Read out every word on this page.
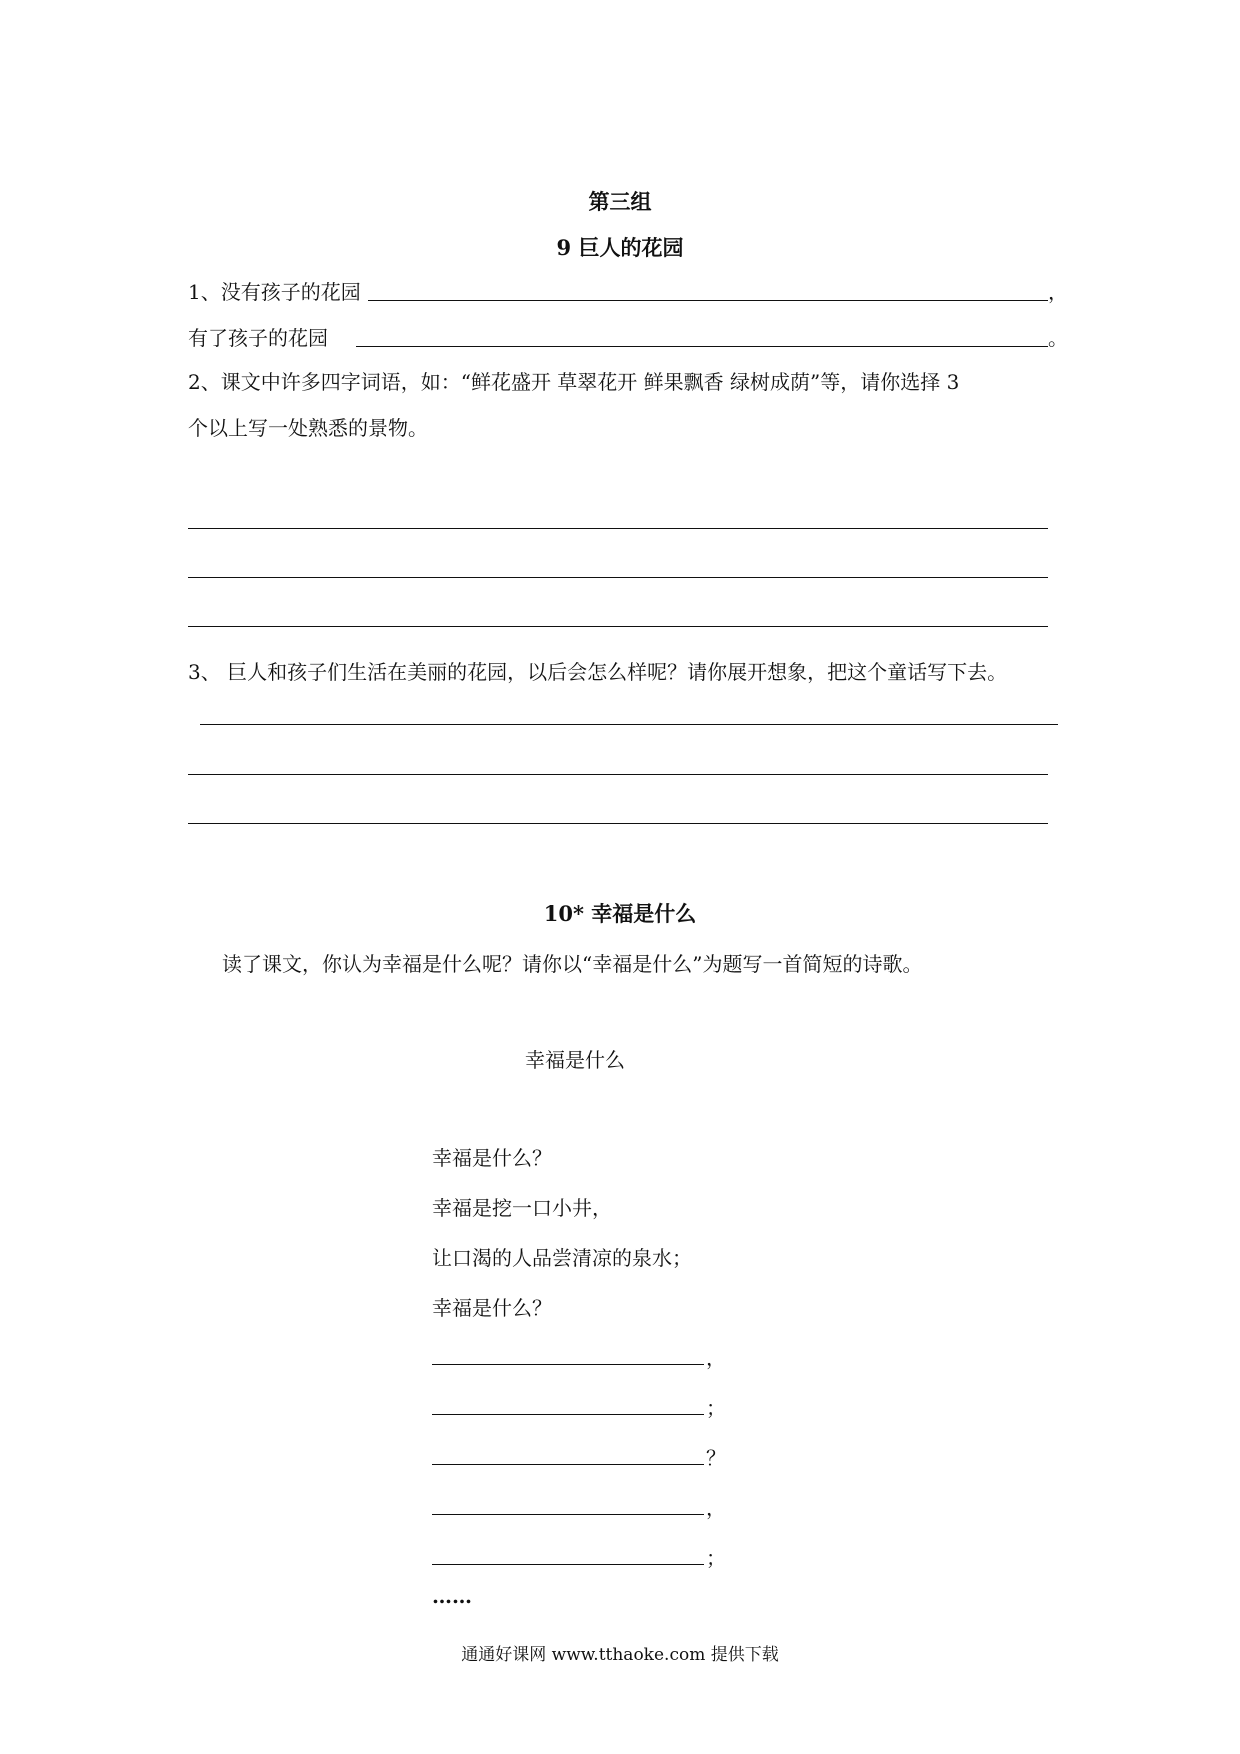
第三组
9 巨人的花园
1、没有孩子的花园	，
有了孩子的花园	。
2、课文中许多四字词语，如：“鲜花盛开 草翠花开 鲜果飘香 绿树成荫”等，请你选择 3
个以上写一处熟悉的景物。
3、 巨人和孩子们生活在美丽的花园，以后会怎么样呢？请你展开想象，把这个童话写下去。
10* 幸福是什么
读了课文，你认为幸福是什么呢？请你以“幸福是什么”为题写一首简短的诗歌。
幸福是什么
幸福是什么？
幸福是挖一口小井，
让口渴的人品尝清凉的泉水；
幸福是什么？
，
；
？
，
；
……
通通好课网 www.tthaoke.com 提供下载
